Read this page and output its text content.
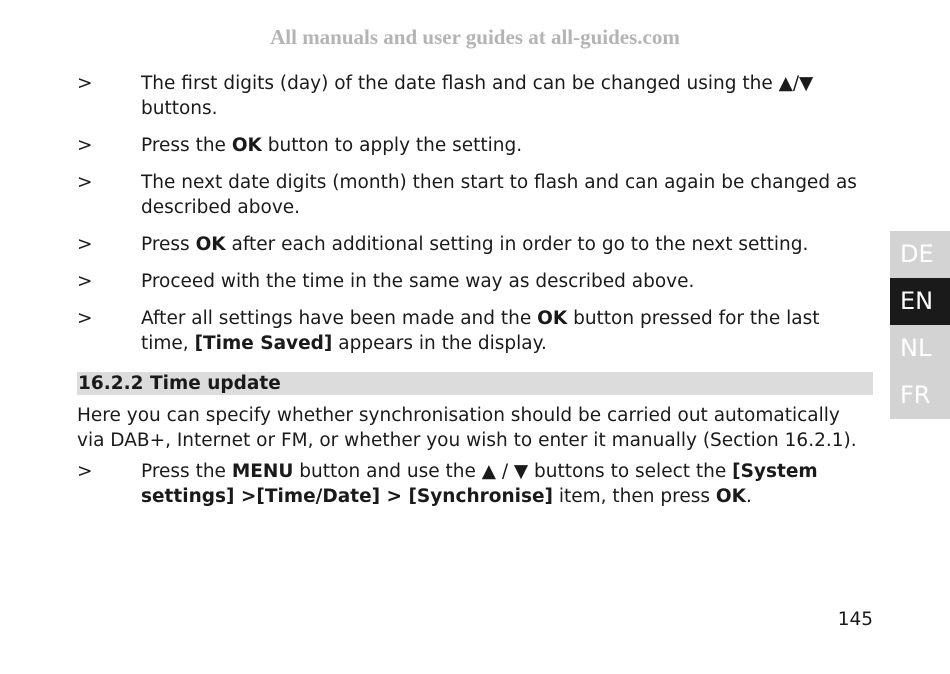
All manuals and user guides at all-guides.com
>	The first digits (day) of the date flash and can be changed using the ▲/▼ buttons.
>	Press the OK button to apply the setting.
>	The next date digits (month) then start to flash and can again be changed as described above.
>	Press OK after each additional setting in order to go to the next setting.
>	Proceed with the time in the same way as described above.
>	After all settings have been made and the OK button pressed for the last time, [Time Saved] appears in the display.
16.2.2 Time update
Here you can specify whether synchronisation should be carried out automatically via DAB+, Internet or FM, or whether you wish to enter it manually (Section 16.2.1).
>	Press the MENU button and use the ▲ / ▼ buttons to select the [System settings] >[Time/Date] > [Synchronise] item, then press OK.
DE
EN
NL
FR
145
